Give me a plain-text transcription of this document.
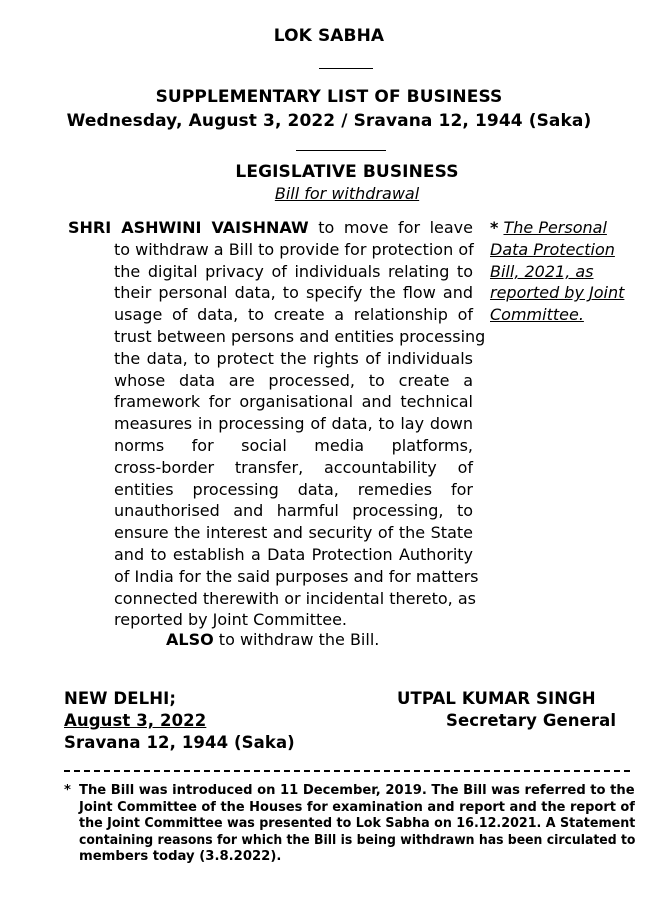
LOK SABHA
SUPPLEMENTARY LIST OF BUSINESS
Wednesday, August 3, 2022 / Sravana 12, 1944 (Saka)
LEGISLATIVE BUSINESS
Bill for withdrawal
SHRI ASHWINI VAISHNAW to move for leave
to withdraw a Bill to provide for protection of
the digital privacy of individuals relating to
their personal data, to specify the flow and
usage of data, to create a relationship of
trust between persons and entities processing
the data, to protect the rights of individuals
whose data are processed, to create a
framework for organisational and technical
measures in processing of data, to lay down
norms for social media platforms,
cross-border transfer, accountability of
entities processing data, remedies for
unauthorised and harmful processing, to
ensure the interest and security of the State
and to establish a Data Protection Authority
of India for the said purposes and for matters
connected therewith or incidental thereto, as
reported by Joint Committee.
ALSO to withdraw the Bill.
* The Personal
Data Protection
Bill, 2021, as
reported by Joint
Committee.
NEW DELHI;
August 3, 2022
Sravana 12, 1944 (Saka)
UTPAL KUMAR SINGH
Secretary General
* The Bill was introduced on 11 December, 2019. The Bill was referred to the
Joint Committee of the Houses for examination and report and the report of
the Joint Committee was presented to Lok Sabha on 16.12.2021. A Statement
containing reasons for which the Bill is being withdrawn has been circulated to
members today (3.8.2022).
